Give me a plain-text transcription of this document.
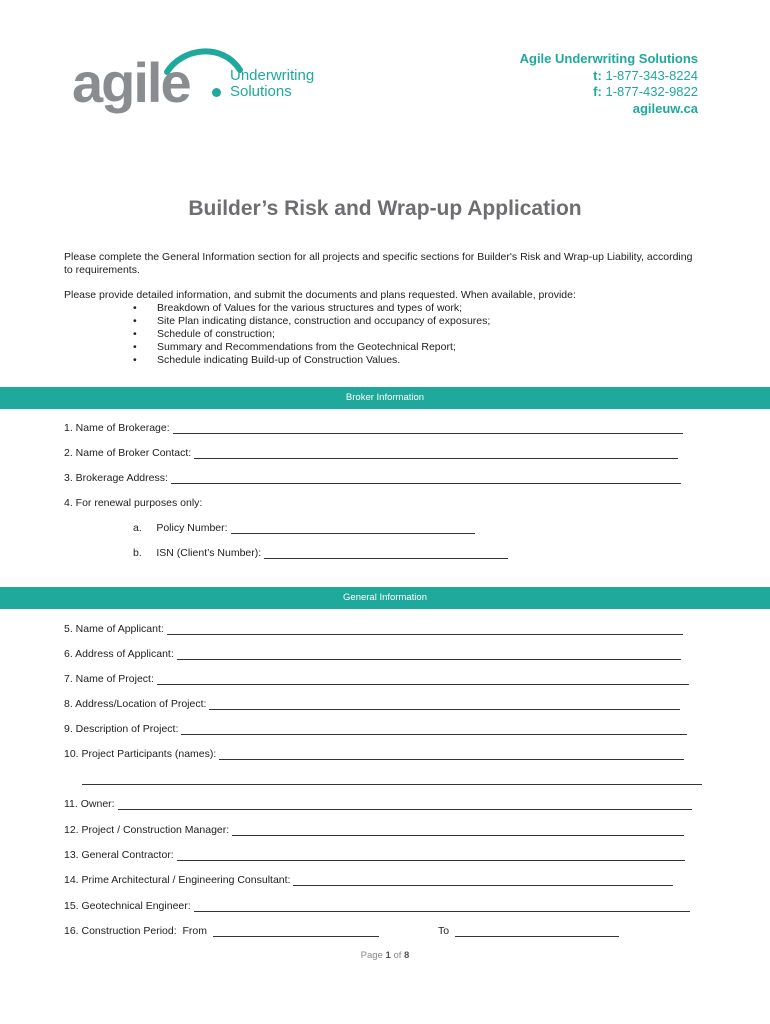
agile	Underwriting
Solutions
Agile Underwriting Solutions
t: 1-877-343-8224
f: 1-877-432-9822
agileuw.ca
Builder’s Risk and Wrap-up Application
Please complete the General Information section for all projects and specific sections for Builder's Risk and Wrap-up Liability, according to requirements.
Please provide detailed information, and submit the documents and plans requested. When available, provide:
• Breakdown of Values for the various structures and types of work;
• Site Plan indicating distance, construction and occupancy of exposures;
• Schedule of construction;
• Summary and Recommendations from the Geotechnical Report;
• Schedule indicating Build-up of Construction Values.
Broker Information
1. Name of Brokerage:
2. Name of Broker Contact:
3. Brokerage Address:
4. For renewal purposes only:
a.     Policy Number:
b.     ISN (Client’s Number):
General Information
5. Name of Applicant:
6. Address of Applicant:
7. Name of Project:
8. Address/Location of Project:
9. Description of Project:
10. Project Participants (names):
11. Owner:
12. Project / Construction Manager:
13. General Contractor:
14. Prime Architectural / Engineering Consultant:
15. Geotechnical Engineer:
16. Construction Period:  From	To
Page 1 of 8
